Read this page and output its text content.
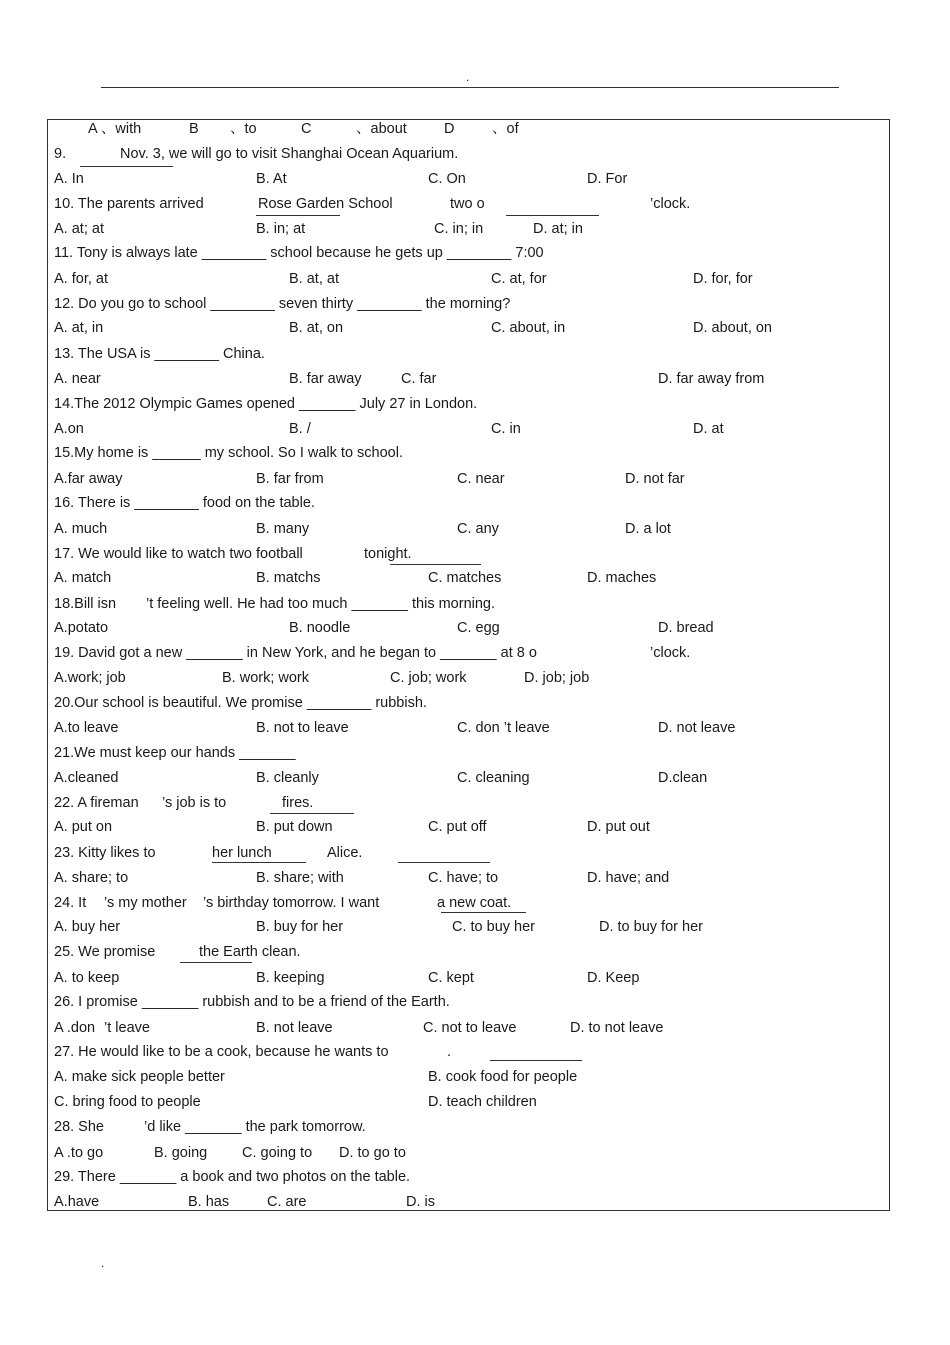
.
A 、with	B 、to	C	、about	D	、of
9.	Nov. 3, we will go to visit Shanghai Ocean Aquarium.
A. In	B. At	C. On	D. For
10. The parents arrived	Rose Garden School	two o	’clock.
A. at; at	B. in; at	C. in; in	D. at; in
11. Tony is always late ________ school because he gets up ________ 7:00
A. for, at	B. at, at	C. at, for	D. for, for
12. Do you go to school ________ seven thirty ________ the morning?
A. at, in	B. at, on	C. about, in	D. about, on
13. The USA is ________ China.
A. near	B. far away	C. far	D. far away from
14.The 2012 Olympic Games opened _______ July 27 in London.
A.on	B. /	C. in	D. at
15.My home is ______ my school. So I walk to school.
A.far away	B. far from	C. near	D. not far
16. There is ________ food on the table.
A. much	B. many	C. any	D. a lot
17. We would like to watch two football	tonight.
A. match	B. matchs	C. matches	D. maches
18.Bill isn ’t feeling well. He had too much _______ this morning.
A.potato	B. noodle	C. egg	D. bread
19. David got a new _______ in New York, and he began to _______ at 8 o	’clock.
A.work; job	B. work; work	C. job; work	D. job; job
20.Our school is beautiful. We promise ________ rubbish.
A.to leave	B. not to leave	C. don ’t leave	D. not leave
21.We must keep our hands _______
A.cleaned	B. cleanly	C. cleaning	D.clean
22. A fireman ’s job is to	fires.
A. put on	B. put down	C. put off	D. put out
23. Kitty likes to	her lunch	Alice.
A. share; to	B. share; with	C. have; to	D. have; and
24. It ’s my mother ’s birthday tomorrow. I want	a new coat.
A. buy her	B. buy for her	C. to buy her	D. to buy for her
25. We promise	the Earth clean.
A. to keep	B. keeping	C. kept	D. Keep
26. I promise _______ rubbish and to be a friend of the Earth.
A .don ’t leave	B. not leave	C. not to leave	D. to not leave
27. He would like to be a cook, because he wants to	.
A. make sick people better	B. cook food for people
C. bring food to people	D. teach children
28. She	’d like _______ the park tomorrow.
A .to go	B. going C. going to D. to go to
29. There _______ a book and two photos on the table.
A.have	B. has	C. are	D. is
.
